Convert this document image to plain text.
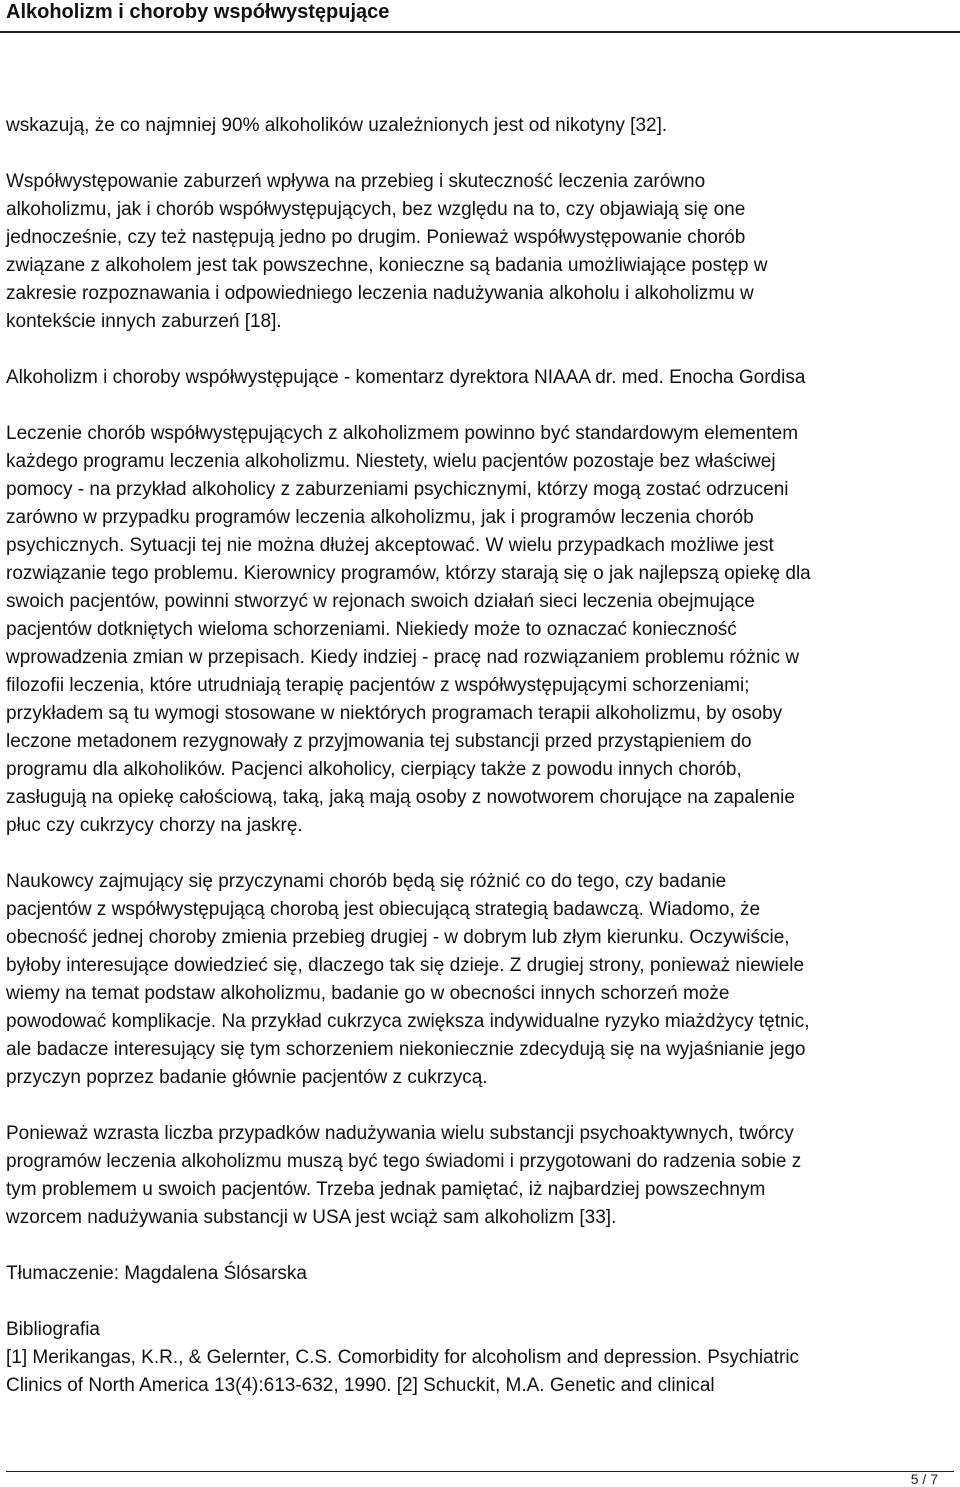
Alkoholizm i choroby współwystępujące

wskazują, że co najmniej 90% alkoholików uzależnionych jest od nikotyny [32].

Współwystępowanie zaburzeń wpływa na przebieg i skuteczność leczenia zarówno
alkoholizmu, jak i chorób współwystępujących, bez względu na to, czy objawiają się one
jednocześnie, czy też następują jedno po drugim. Ponieważ współwystępowanie chorób
związane z alkoholem jest tak powszechne, konieczne są badania umożliwiające postęp w
zakresie rozpoznawania i odpowiedniego leczenia nadużywania alkoholu i alkoholizmu w
kontekście innych zaburzeń [18].

Alkoholizm i choroby współwystępujące - komentarz dyrektora NIAAA dr. med. Enocha Gordisa

Leczenie chorób współwystępujących z alkoholizmem powinno być standardowym elementem
każdego programu leczenia alkoholizmu. Niestety, wielu pacjentów pozostaje bez właściwej
pomocy - na przykład alkoholicy z zaburzeniami psychicznymi, którzy mogą zostać odrzuceni
zarówno w przypadku programów leczenia alkoholizmu, jak i programów leczenia chorób
psychicznych. Sytuacji tej nie można dłużej akceptować. W wielu przypadkach możliwe jest
rozwiązanie tego problemu. Kierownicy programów, którzy starają się o jak najlepszą opiekę dla
swoich pacjentów, powinni stworzyć w rejonach swoich działań sieci leczenia obejmujące
pacjentów dotkniętych wieloma schorzeniami. Niekiedy może to oznaczać konieczność
wprowadzenia zmian w przepisach. Kiedy indziej - pracę nad rozwiązaniem problemu różnic w
filozofii leczenia, które utrudniają terapię pacjentów z współwystępującymi schorzeniami;
przykładem są tu wymogi stosowane w niektórych programach terapii alkoholizmu, by osoby
leczone metadonem rezygnowały z przyjmowania tej substancji przed przystąpieniem do
programu dla alkoholików. Pacjenci alkoholicy, cierpiący także z powodu innych chorób,
zasługują na opiekę całościową, taką, jaką mają osoby z nowotworem chorujące na zapalenie
płuc czy cukrzycy chorzy na jaskrę.

Naukowcy zajmujący się przyczynami chorób będą się różnić co do tego, czy badanie
pacjentów z współwystępującą chorobą jest obiecującą strategią badawczą. Wiadomo, że
obecność jednej choroby zmienia przebieg drugiej - w dobrym lub złym kierunku. Oczywiście,
byłoby interesujące dowiedzieć się, dlaczego tak się dzieje. Z drugiej strony, ponieważ niewiele
wiemy na temat podstaw alkoholizmu, badanie go w obecności innych schorzeń może
powodować komplikacje. Na przykład cukrzyca zwiększa indywidualne ryzyko miażdżycy tętnic,
ale badacze interesujący się tym schorzeniem niekoniecznie zdecydują się na wyjaśnianie jego
przyczyn poprzez badanie głównie pacjentów z cukrzycą.

Ponieważ wzrasta liczba przypadków nadużywania wielu substancji psychoaktywnych, twórcy
programów leczenia alkoholizmu muszą być tego świadomi i przygotowani do radzenia sobie z
tym problemem u swoich pacjentów. Trzeba jednak pamiętać, iż najbardziej powszechnym
wzorcem nadużywania substancji w USA jest wciąż sam alkoholizm [33].

Tłumaczenie: Magdalena Ślósarska

Bibliografia
[1] Merikangas, K.R., & Gelernter, C.S. Comorbidity for alcoholism and depression. Psychiatric
Clinics of North America 13(4):613-632, 1990. [2] Schuckit, M.A. Genetic and clinical

5 / 7
